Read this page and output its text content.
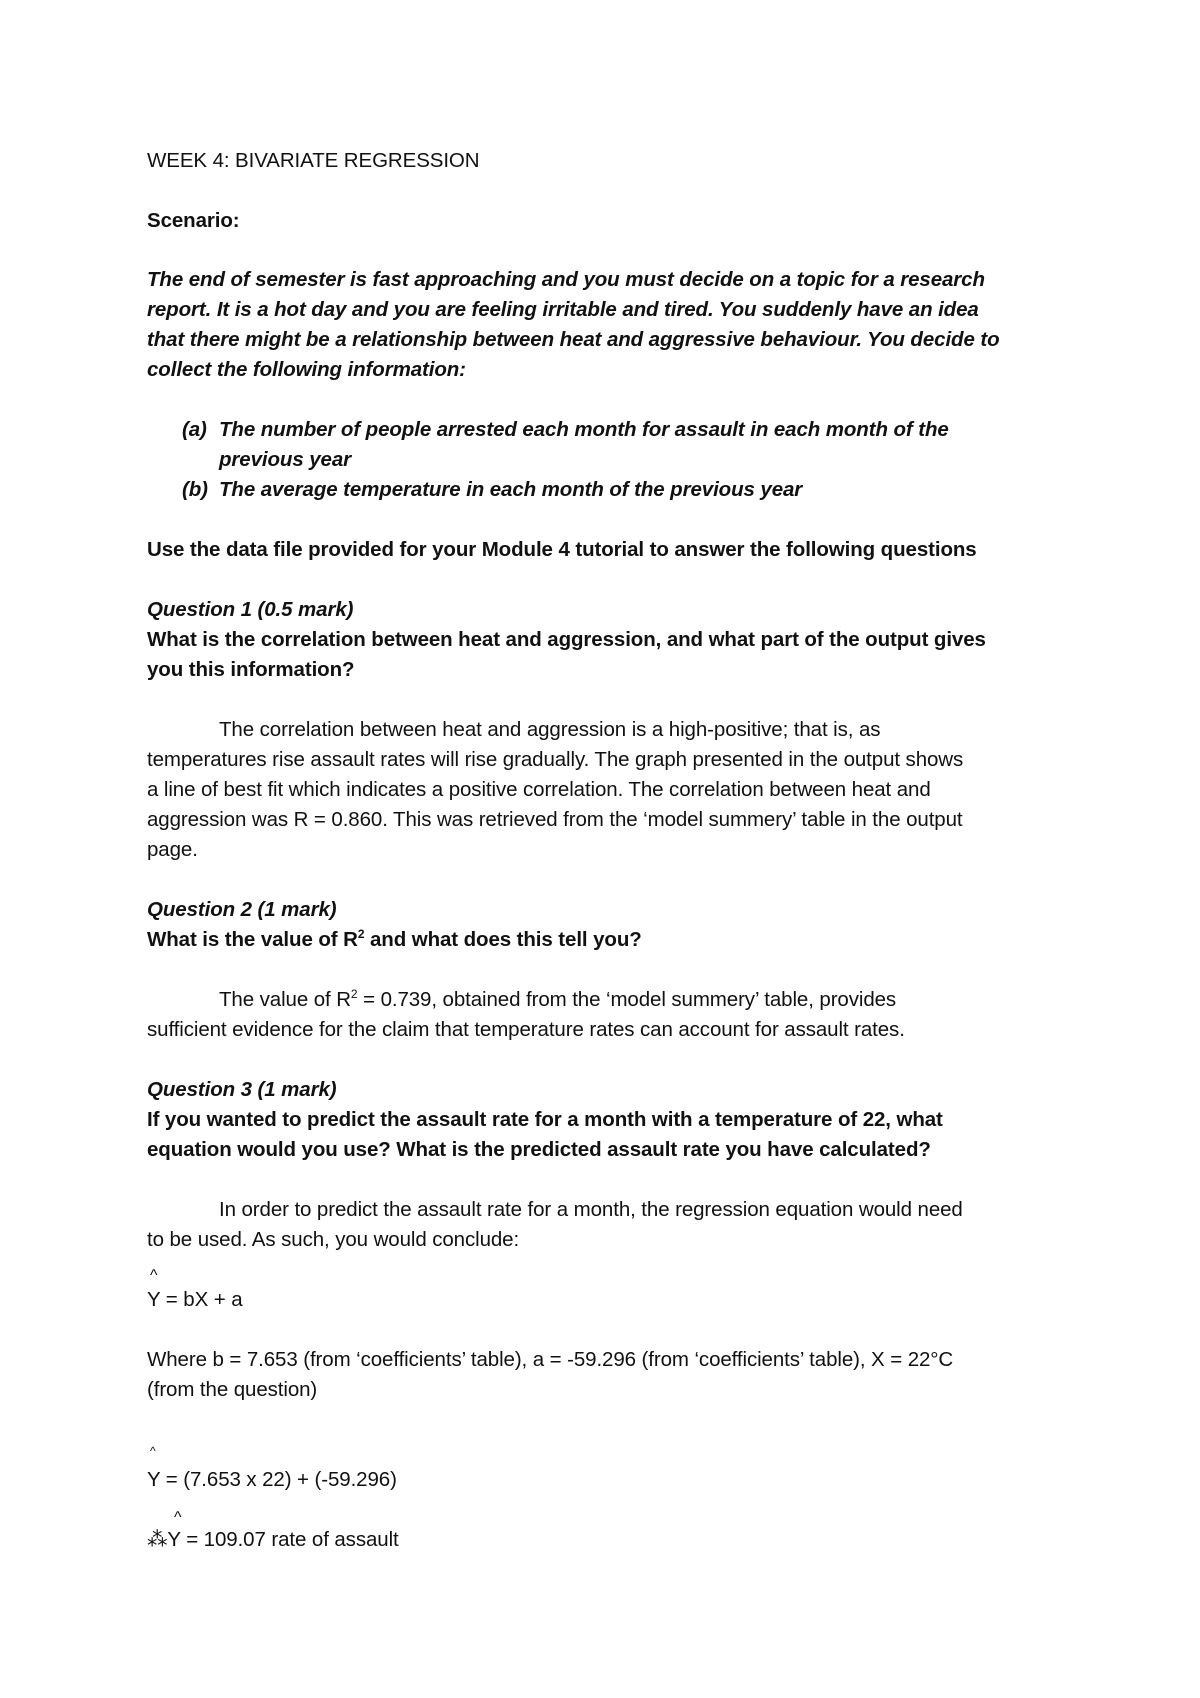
WEEK 4: BIVARIATE REGRESSION

Scenario:

The end of semester is fast approaching and you must decide on a topic for a research

report. It is a hot day and you are feeling irritable and tired. You suddenly have an idea

that there might be a relationship between heat and aggressive behaviour. You decide to

collect the following information:

(a) The number of people arrested each month for assault in each month of the

previous year

(b) The average temperature in each month of the previous year

Use the data file provided for your Module 4 tutorial to answer the following questions

Question 1 (0.5 mark)

What is the correlation between heat and aggression, and what part of the output gives

you this information?

The correlation between heat and aggression is a high-positive; that is, as

temperatures rise assault rates will rise gradually. The graph presented in the output shows

a line of best fit which indicates a positive correlation. The correlation between heat and

aggression was R = 0.860. This was retrieved from the ‘model summery’ table in the output

page.

Question 2 (1 mark)

What is the value of $R^2$ and what does this tell you?

The value of $R^2 = 0.739$, obtained from the ‘model summery’ table, provides

sufficient evidence for the claim that temperature rates can account for assault rates.

Question 3 (1 mark)

If you wanted to predict the assault rate for a month with a temperature of 22, what

equation would you use? What is the predicted assault rate you have calculated?

In order to predict the assault rate for a month, the regression equation would need

to be used. As such, you would conclude:

^

Y = bX + a

Where b = 7.653 (from ‘coefficients’ table), a = -59.296 (from ‘coefficients’ table), X = 22°C

(from the question)

^

Y = (7.653 x 22) + (-59.296)

^

⁂Y = 109.07 rate of assault
